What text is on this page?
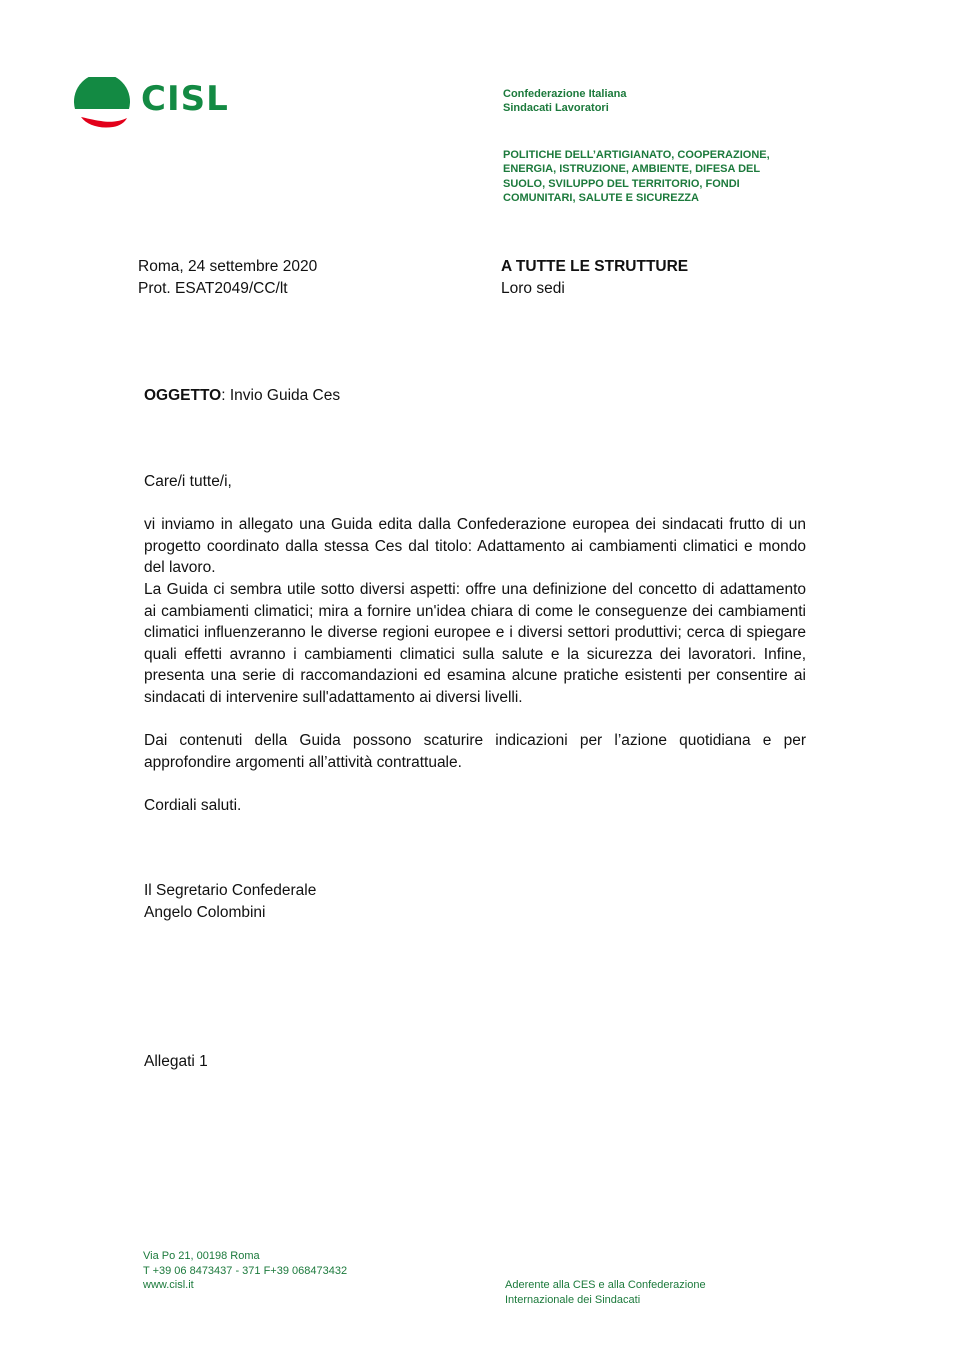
CISL	Confederazione Italiana
Sindacati Lavoratori
POLITICHE DELL’ARTIGIANATO, COOPERAZIONE,
ENERGIA, ISTRUZIONE, AMBIENTE, DIFESA DEL
SUOLO, SVILUPPO DEL TERRITORIO, FONDI
COMUNITARI, SALUTE E SICUREZZA
Roma, 24 settembre 2020
Prot. ESAT2049/CC/lt
A TUTTE LE STRUTTURE
Loro sedi
OGGETTO: Invio Guida Ces

Care/i tutte/i,

vi inviamo in allegato una Guida edita dalla Confederazione europea dei sindacati frutto di un progetto coordinato dalla stessa Ces dal titolo: Adattamento ai cambiamenti climatici e mondo del lavoro.

La Guida ci sembra utile sotto diversi aspetti: offre una definizione del concetto di adattamento ai cambiamenti climatici; mira a fornire un'idea chiara di come le conseguenze dei cambiamenti climatici influenzeranno le diverse regioni europee e i diversi settori produttivi; cerca di spiegare quali effetti avranno i cambiamenti climatici sulla salute e la sicurezza dei lavoratori. Infine, presenta una serie di raccomandazioni ed esamina alcune pratiche esistenti per consentire ai sindacati di intervenire sull'adattamento ai diversi livelli.

Dai contenuti della Guida possono scaturire indicazioni per l’azione quotidiana e per approfondire argomenti all’attività contrattuale.

Cordiali saluti.

Il Segretario Confederale
Angelo Colombini
Allegati 1
Via Po 21, 00198 Roma
T +39 06 8473437 - 371 F+39 068473432
www.cisl.it	Aderente alla CES e alla Confederazione
Internazionale dei Sindacati
